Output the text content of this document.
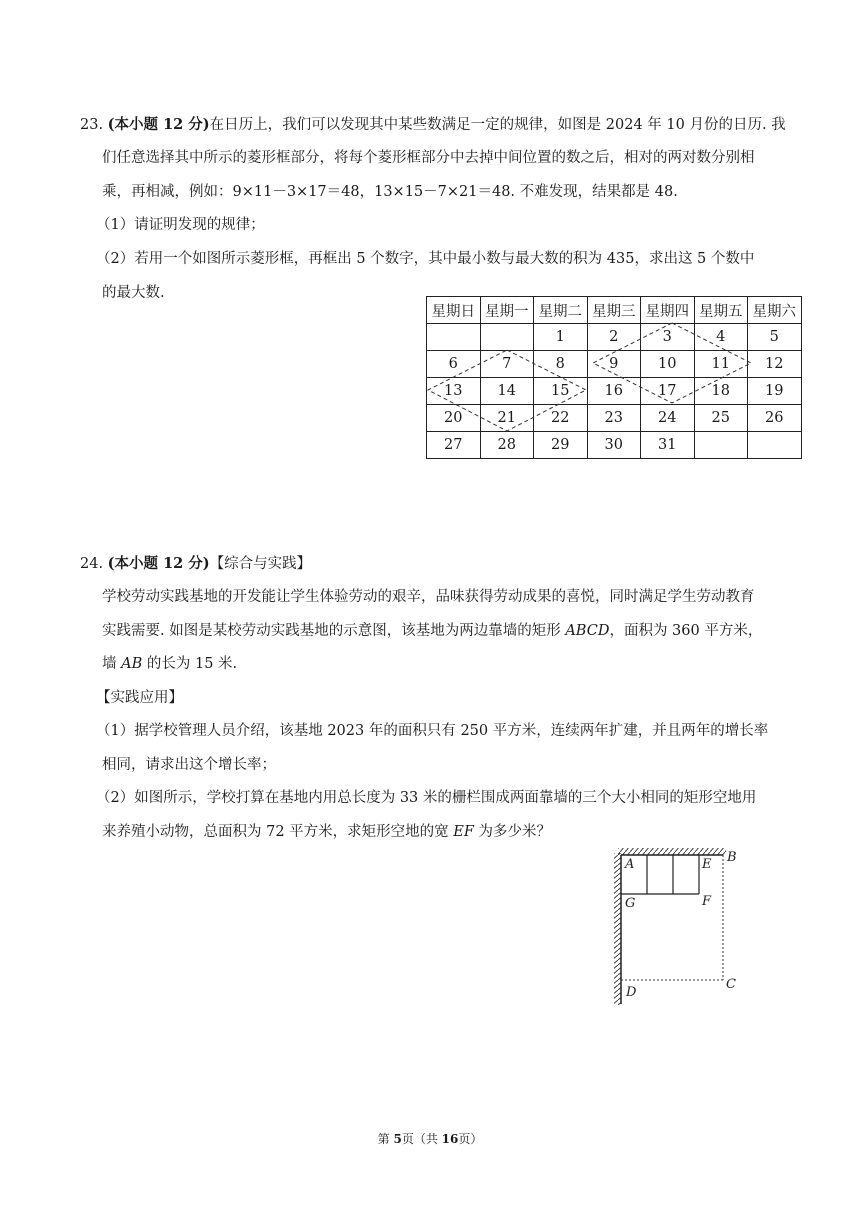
23. (本小题 12 分)在日历上，我们可以发现其中某些数满足一定的规律，如图是 2024 年 10 月份的日历. 我
们任意选择其中所示的菱形框部分，将每个菱形框部分中去掉中间位置的数之后，相对的两对数分别相
乘，再相减，例如：9×11－3×17＝48，13×15－7×21＝48. 不难发现，结果都是 48.
（1）请证明发现的规律；
（2）若用一个如图所示菱形框，再框出 5 个数字，其中最小数与最大数的积为 435，求出这 5 个数中
的最大数.
星期日	星期一	星期二	星期三	星期四	星期五	星期六
		1	2	3	4	5
6	7	8	9	10	11	12
13	14	15	16	17	18	19
20	21	22	23	24	25	26
27	28	29	30	31		
24. (本小题 12 分)【综合与实践】
学校劳动实践基地的开发能让学生体验劳动的艰辛，品味获得劳动成果的喜悦，同时满足学生劳动教育
实践需要. 如图是某校劳动实践基地的示意图，该基地为两边靠墙的矩形 ABCD，面积为 360 平方米，
墙 AB 的长为 15 米.
【实践应用】
（1）据学校管理人员介绍，该基地 2023 年的面积只有 250 平方米，连续两年扩建，并且两年的增长率
相同，请求出这个增长率；
（2）如图所示，学校打算在基地内用总长度为 33 米的栅栏围成两面靠墙的三个大小相同的矩形空地用
来养殖小动物，总面积为 72 平方米，求矩形空地的宽 EF 为多少米？
A	E B
G	F
D
C
第 5页（共 16页）
